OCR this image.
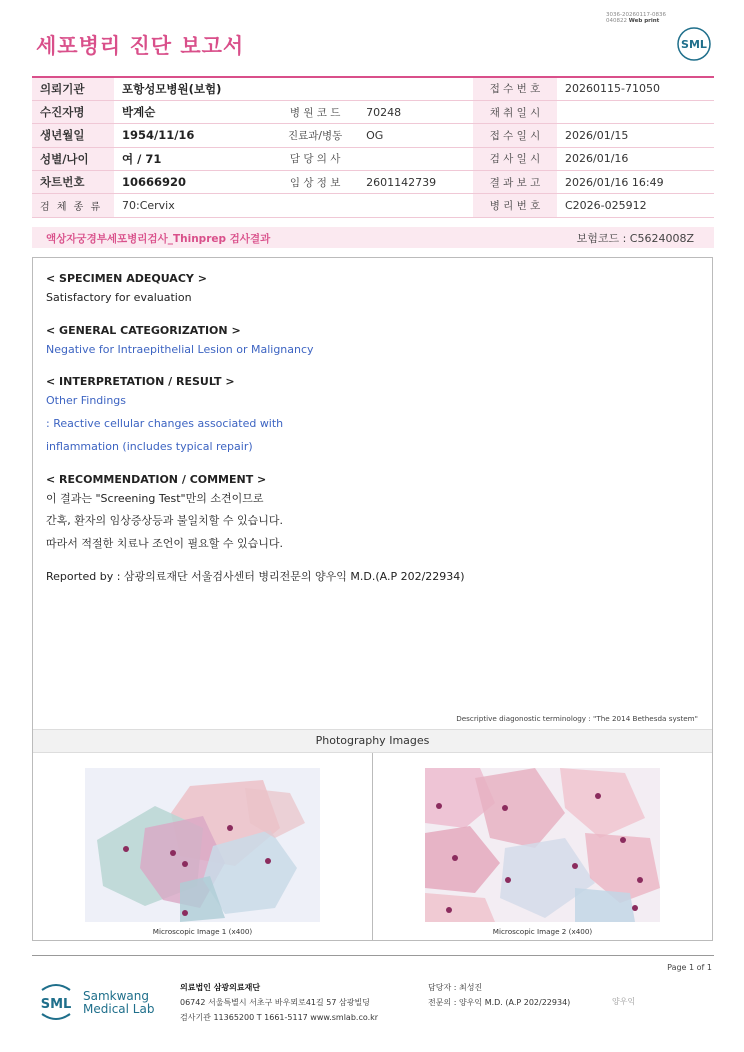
3036-20260117-0836
040822 Web print
세포병리 진단 보고서	SML
의뢰기관	포항성모병원(보험)			접 수 번 호	20260115-71050
수진자명	박계순	병 원 코 드	70248	채 취 일 시	
생년월일	1954/11/16	진료과/병동	OG	접 수 일 시	2026/01/15
성별/나이	여 / 71	담 당 의 사		검 사 일 시	2026/01/16
차트번호	10666920	임 상 정 보	2601142739	결 과 보 고	2026/01/16 16:49
검 체 종 류	70:Cervix			병 리 번 호	C2026-025912
액상자궁경부세포병리검사_Thinprep 검사결과	보험코드 : C5624008Z
< SPECIMEN ADEQUACY >
Satisfactory for evaluation
< GENERAL CATEGORIZATION >
Negative for Intraepithelial Lesion or Malignancy
< INTERPRETATION / RESULT >
Other Findings
: Reactive cellular changes associated with
inflammation (includes typical repair)
< RECOMMENDATION / COMMENT >
이 결과는 "Screening Test"만의 소견이므로
간혹, 환자의 임상증상등과 불일치할 수 있습니다.
따라서 적절한 치료나 조언이 필요할 수 있습니다.
Reported by : 삼광의료재단 서울검사센터 병리전문의 양우익 M.D.(A.P 202/22934)
Descriptive diagonostic terminology : "The 2014 Bethesda system"
Photography Images
Microscopic Image 1 (x400)	Microscopic Image 2 (x400)
Page 1 of 1
SML
Samkwang
Medical Lab
의료법인 삼광의료재단
06742 서울특별시 서초구 바우뫼로41길 57 삼광빌딩
검사기관 11365200 T 1661-5117 www.smlab.co.kr
담당자 : 최성진
전문의 : 양우익 M.D. (A.P 202/22934)	양우익
